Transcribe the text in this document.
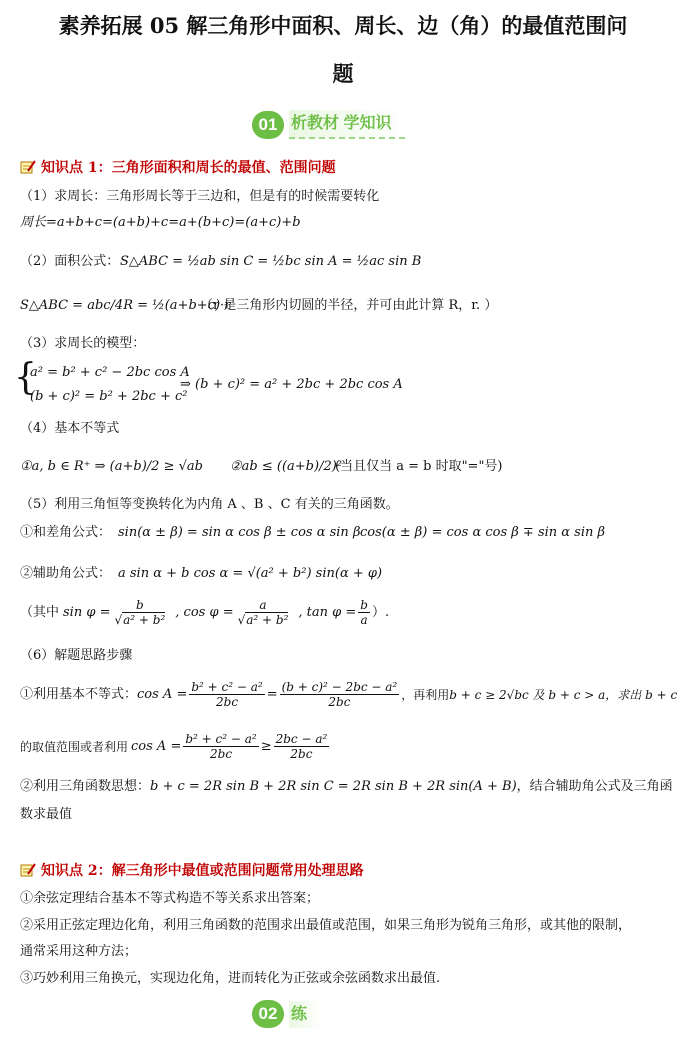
素养拓展 05 解三角形中面积、周长、边（角）的最值范围问
题
01 析教材 学知识
知识点 1：三角形面积和周长的最值、范围问题
（1）求周长：三角形周长等于三边和，但是有的时候需要转化
周长=a+b+c=(a+b)+c=a+(b+c)=(a+c)+b
（2）面积公式： S△ABC = ½ab sin C = ½bc sin A = ½ac sin B
S△ABC = abc/4R = ½(a+b+c)·r
（r 是三角形内切圆的半径，并可由此计算 R，r. ）
（3）求周长的模型：
{
a² = b² + c² − 2bc cos A
(b + c)² = b² + 2bc + c²
⇒ (b + c)² = a² + 2bc + 2bc cos A
（4）基本不等式
①a, b ∈ R⁺ ⇒ (a+b)/2 ≥ √ab ②ab ≤ ((a+b)/2)²
(当且仅当 a = b 时取"="号)
（5）利用三角恒等变换转化为内角 A 、B 、C 有关的三角函数。
①和差角公式： sin(α ± β) = sin α cos β ± cos α sin β cos(α ± β) = cos α cos β ∓ sin α sin β
②辅助角公式： a sin α + b cos α = √(a² + b²) sin(α + φ)
（其中 $\sin \varphi = \frac{b}{\text{√a² + b²}}$ , $\cos \varphi = \frac{a}{\text{√a² + b²}}$ , $\tan \varphi = \frac{b}{a}$ ）.
（6）解题思路步骤
①利用基本不等式： $\cos A = \frac{\text{b² + c² − a²}}{2bc} = \frac{\text{(b + c)² − 2bc − a²}}{2bc}$ ，再利用 b + c ≥ 2√bc 及 b + c > a，求出 b + c
的取值范围或者利用 $\cos A = \frac{\text{b² + c² − a²}}{2bc} \ge \frac{\text{2bc − a²}}{2bc}$
②利用三角函数思想：b + c = 2R sin B + 2R sin C = 2R sin B + 2R sin(A + B)，结合辅助角公式及三角函
数求最值
知识点 2：解三角形中最值或范围问题常用处理思路
①余弦定理结合基本不等式构造不等关系求出答案；
②采用正弦定理边化角，利用三角函数的范围求出最值或范围，如果三角形为锐角三角形，或其他的限制，
通常采用这种方法；
③巧妙利用三角换元，实现边化角，进而转化为正弦或余弦函数求出最值.
02 练
